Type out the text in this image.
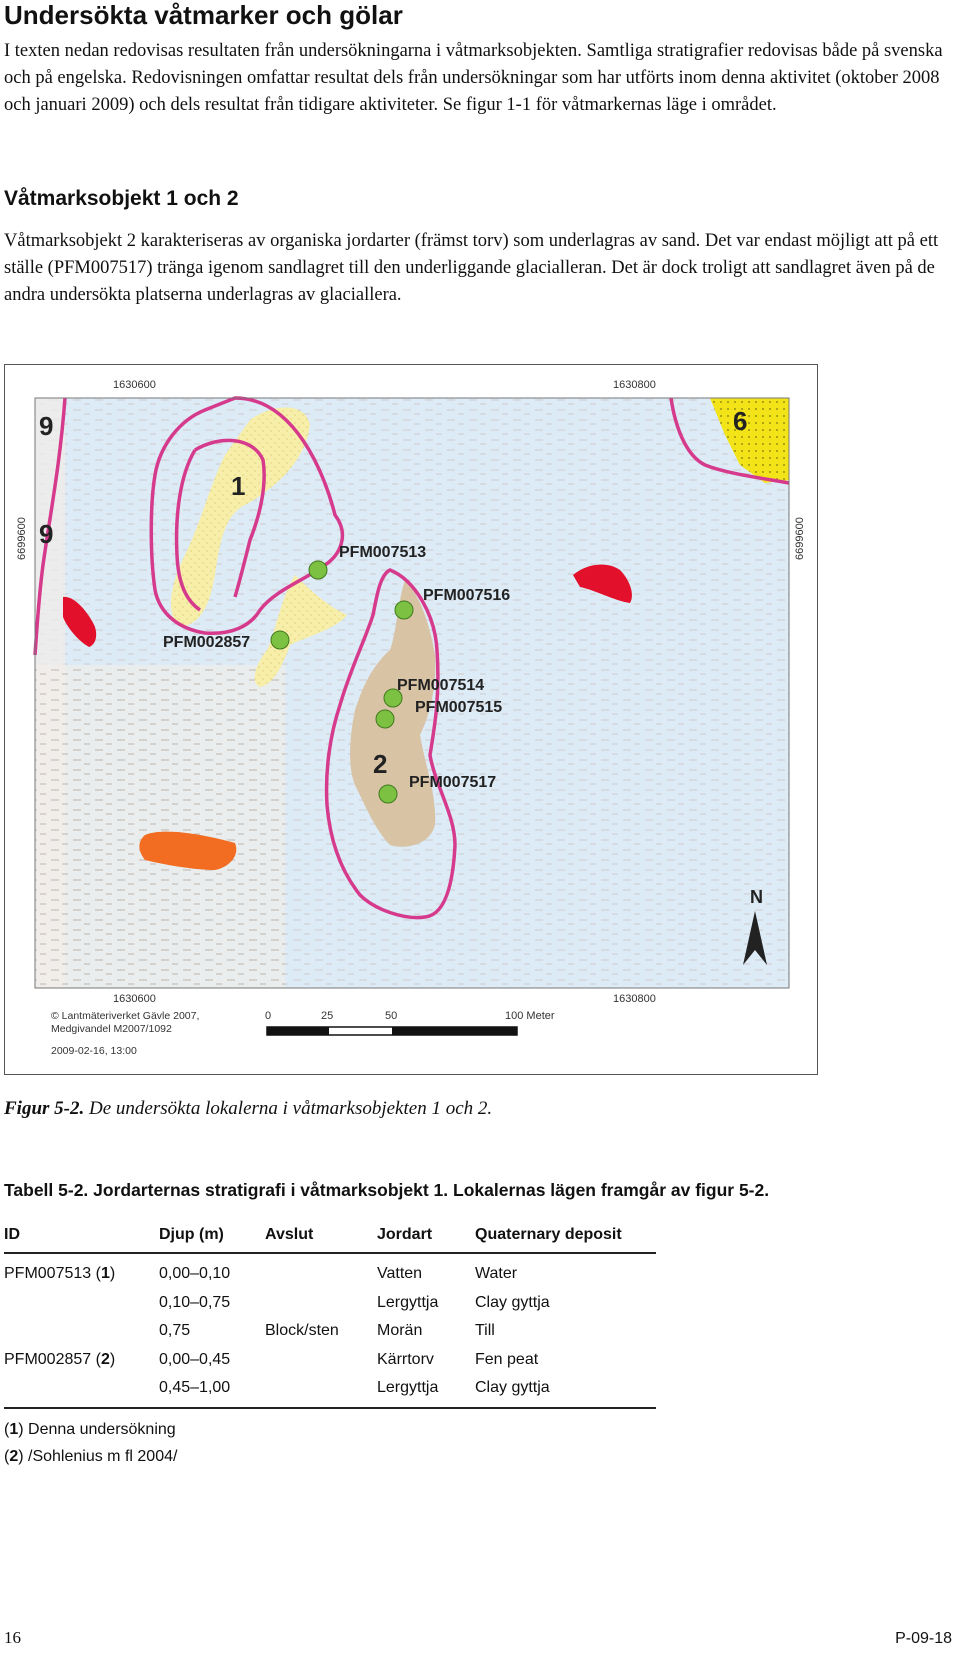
Undersökta våtmarker och gölar

I texten nedan redovisas resultaten från undersökningarna i våtmarksobjekten. Samtliga stratigrafier redovisas både på svenska och på engelska. Redovisningen omfattar resultat dels från undersökningar som har utförts inom denna aktivitet (oktober 2008 och januari 2009) och dels resultat från tidigare aktiviteter. Se figur 1-1 för våtmarkernas läge i området.

Våtmarksobjekt 1 och 2

Våtmarksobjekt 2 karakteriseras av organiska jordarter (främst torv) som underlagras av sand. Det var endast möjligt att på ett ställe (PFM007517) tränga igenom sandlagret till den underliggande glacialleran. Det är dock troligt att sandlagret även på de andra undersökta platserna underlagras av glaciallera.

9
1
9
6
2
PFM007513
PFM007516
PFM002857
PFM007514
PFM007515
PFM007517
N
1630600	1630800
1630600	1630800
6699600	6699600
© Lantmäteriverket Gävle 2007,
Medgivandel M2007/1092
2009-02-16, 13:00
0	25	50	100 Meter

Figur 5-2. De undersökta lokalerna i våtmarksobjekten 1 och 2.

Tabell 5-2. Jordarternas stratigrafi i våtmarksobjekt 1. Lokalernas lägen framgår av figur 5-2.

ID	Djup (m)	Avslut	Jordart	Quaternary deposit
PFM007513 (1)	0,00–0,10		Vatten	Water
	0,10–0,75		Lergyttja	Clay gyttja
	0,75	Block/sten	Morän	Till
PFM002857 (2)	0,00–0,45		Kärrtorv	Fen peat
	0,45–1,00		Lergyttja	Clay gyttja
(1) Denna undersökning
(2) /Sohlenius m fl 2004/
16	P-09-18
